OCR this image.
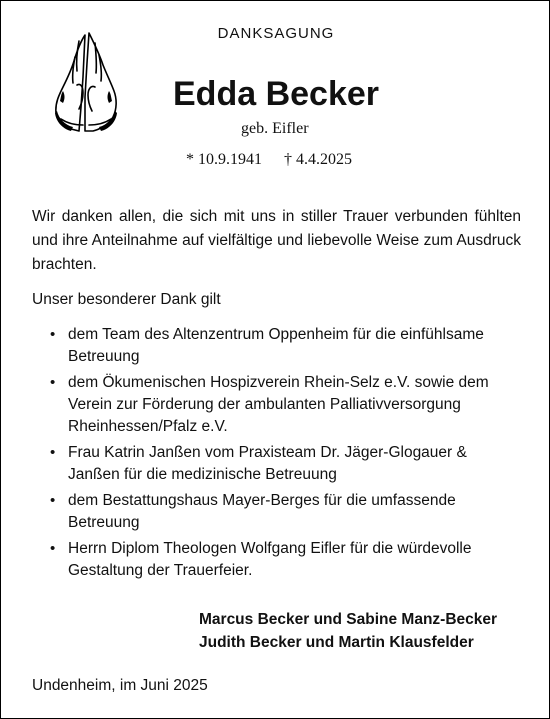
DANKSAGUNG
Edda Becker
geb. Eifler
* 10.9.1941 † 4.4.2025

Wir danken allen, die sich mit uns in stiller Trauer verbunden fühlten und ihre Anteilnahme auf vielfältige und liebevolle Weise zum Ausdruck brachten.

Unser besonderer Dank gilt
• dem Team des Altenzentrum Oppenheim für die einfühlsame Betreuung
• dem Ökumenischen Hospizverein Rhein-Selz e.V. sowie dem Verein zur Förderung der ambulanten Palliativversorgung Rheinhessen/Pfalz e.V.
• Frau Katrin Janßen vom Praxisteam Dr. Jäger-Glogauer & Janßen für die medizinische Betreuung
• dem Bestattungshaus Mayer-Berges für die umfassende Betreuung
• Herrn Diplom Theologen Wolfgang Eifler für die würdevolle Gestaltung der Trauerfeier.
Marcus Becker und Sabine Manz-Becker
Judith Becker und Martin Klausfelder
Undenheim, im Juni 2025
